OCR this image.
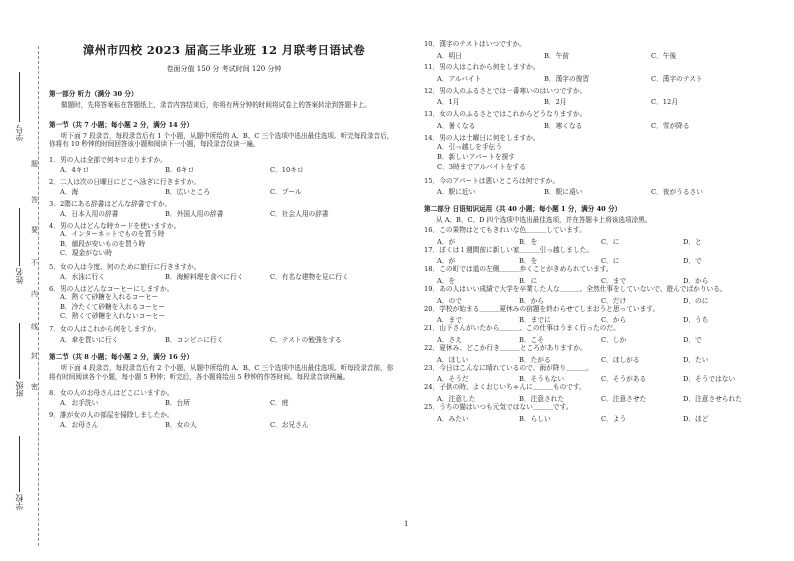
学号
姓名
班级
学校
题
答
要
不
内
线
封
密
漳州市四校 2023 届高三毕业班 12 月联考日语试卷
卷面分值 150 分 考试时间 120 分钟
第一部分 听力（满分 30 分）
做题时，先将答案标在答题纸上，录音内容结束后，你将有两分钟的时间将试卷上的答案转涂到答题卡上。
第一节（共 7 小题；每小题 2 分，满分 14 分）
听下面 7 段录音，每段录音后有 1 个小题，从题中所给的 A、B、C 三个选项中选出最佳选项。听完每段录音后，你将有 10 秒钟的时间回答该小题和阅读下一小题，每段录音仅读一遍。
1．男の人は全部で何キロ走りますか。
A．4キロ	B．6キロ	C．10キロ
2．二人は次の日曜日にどこへ泳ぎに行きますか。
A．海	B．広いところ	C．プール
3．2階にある辞書はどんな辞書ですか。
A．日本人用の辞書	B．外国人用の辞書	C．社会人用の辞書
4．男の人はどんな時カードを使いますか。
A．インターネットでものを買う時
B．値段が安いものを買う時
C．現金がない時
5．女の人は今度、何のために旅行に行きますか。
A．水泳に行く	B．海鮮料理を食べに行く	C．有名な建物を見に行く
6．男の人はどんなコーヒーにしますか。
A．熱くて砂糖を入れるコーヒー
B．冷たくて砂糖を入れるコーヒー
C．熱くて砂糖を入れないコーヒー
7．女の人はこれから何をしますか。
A．傘を買いに行く	B．コンビニに行く	C．テストの勉強をする
第二节（共 8 小题；每小题 2 分，满分 16 分）
听下面 4 段录音，每段录音后有 2 个小题，从题中所给的 A、B、C 三个选项中选出最佳选项。听每段录音前，你将有时间阅读各个小题，每小题 5 秒钟；听完后，各小题将给出 5 秒钟的作答时间。每段录音读两遍。
8．女の人のお母さんはどこにいますか。
A．お手洗い	B．台所	C．庭
9．誰が女の人の部屋を掃除しましたか。
A．お母さん	B．女の人	C．お兄さん
10．漢字のテストはいつですか。
A．明日	B．午前	C．午後
11．男の人はこれから何をしますか。
A．アルバイト	B．漢字の復習	C．漢字のテスト
12．男の人のふるさとでは一番寒いのはいつですか。
A．1月	B．2月	C．12月
13．女の人のふるさとではこれからどうなりますか。
A．暑くなる	B．寒くなる	C．雪が降る
14．男の人は土曜日に何をしますか。
A．引っ越しを手伝う
B．新しいアパートを探す
C．3時までアルバイトをする
15．今のアパートは悪いところは何ですか。
A．駅に近い	B．駅に遠い	C．夜がうるさい
第二部分 日语知识运用（共 40 小题；每小题 1 分，满分 40 分）
从 A、B、C、D 四个选项中选出最佳选项，并在答题卡上将该选项涂黑。
16．この果物はとてもきれいな色＿＿＿しています。
A．が	B．を	C．に	D．と
17．ぼくは１週間前に新しい家＿＿＿引っ越しました。
A．が	B．を	C．に	D．で
18．この町では道の左側＿＿＿歩くことがきめられています。
A．を	B．に	C．まで	D．から
19．あの人はいい成績で大学を卒業した人な＿＿＿、全然仕事をしていないで、遊んでばかりいる。
A．ので	B．から	C．だけ	D．のに
20．学校が始まる＿＿＿夏休みの宿題を終わらせてしまおうと思っています。
A．まで	B．までに	C．から	D．うち
21．山下さんがいたから＿＿＿、この仕事はうまく行ったのだ。
A．さえ	B．こそ	C．しか	D．で
22．夏休み、どこか行き＿＿＿ところがありますか。
A．ほしい	B．たがる	C．ほしがる	D．たい
23．今日はこんなに晴れているので、雨が降り＿＿＿。
A．そうだ	B．そうもない	C．そうがある	D．そうではない
24．子供の時、よくおじいちゃんに＿＿＿ものです。
A．注意した	B．注意された	C．注意させた	D．注意させられた
25．うちの猫はいつも元気ではない＿＿＿です。
A．みたい	B．らしい	C．よう	D．ほど
1
